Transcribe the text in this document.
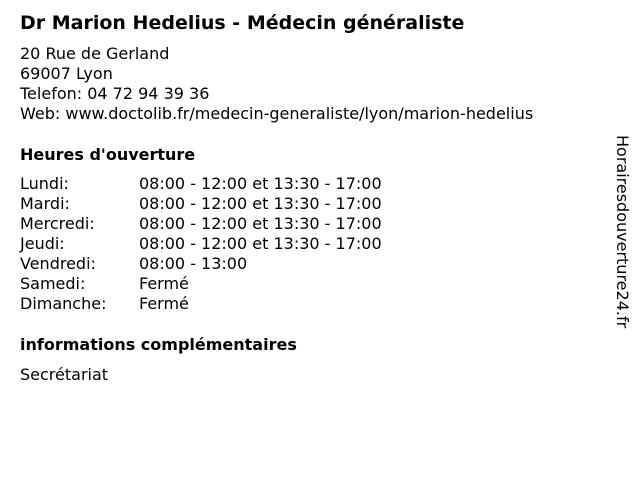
Dr Marion Hedelius - Médecin généraliste
20 Rue de Gerland
69007 Lyon
Telefon: 04 72 94 39 36
Web: www.doctolib.fr/medecin-generaliste/lyon/marion-hedelius
Heures d'ouverture
Lundi:	08:00 - 12:00 et 13:30 - 17:00
Mardi:	08:00 - 12:00 et 13:30 - 17:00
Mercredi:	08:00 - 12:00 et 13:30 - 17:00
Jeudi:	08:00 - 12:00 et 13:30 - 17:00
Vendredi:	08:00 - 13:00
Samedi:	Fermé
Dimanche: Fermé
informations complémentaires
Secrétariat
Horairesdouverture24.fr
